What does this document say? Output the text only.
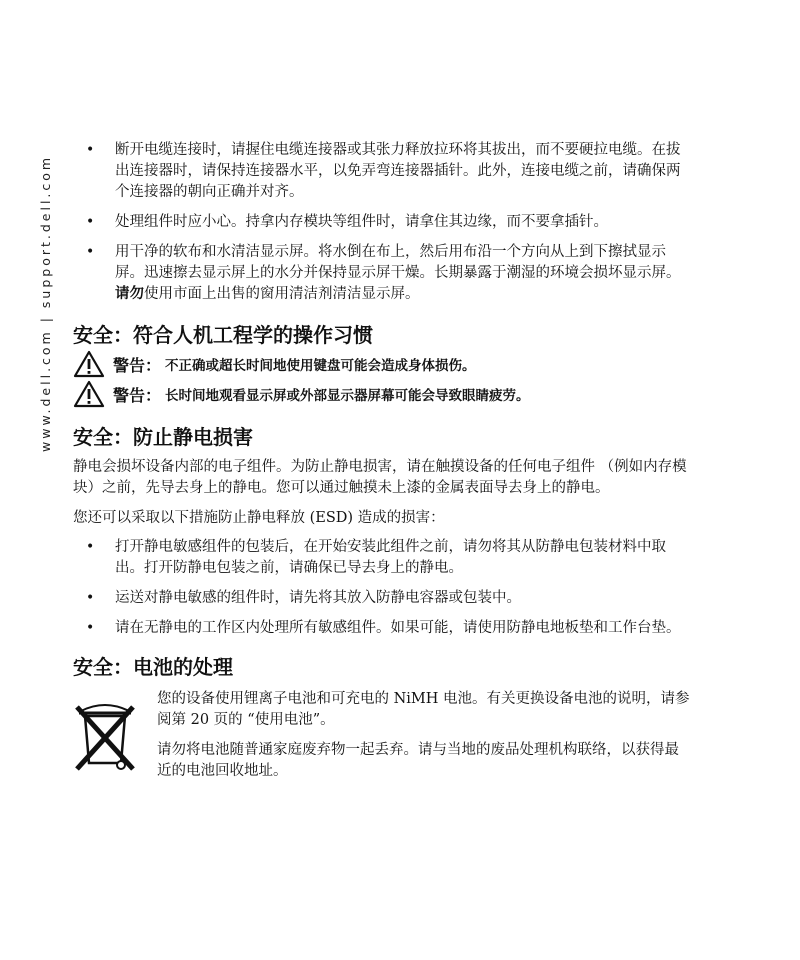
www.dell.com | support.dell.com
• 断开电缆连接时，请握住电缆连接器或其张力释放拉环将其拔出，而不要硬拉电缆。在拔出连接器时，请保持连接器水平，以免弄弯连接器插针。此外，连接电缆之前，请确保两个连接器的朝向正确并对齐。
• 处理组件时应小心。持拿内存模块等组件时，请拿住其边缘，而不要拿插针。
• 用干净的软布和水清洁显示屏。将水倒在布上，然后用布沿一个方向从上到下擦拭显示屏。迅速擦去显示屏上的水分并保持显示屏干燥。长期暴露于潮湿的环境会损坏显示屏。请勿使用市面上出售的窗用清洁剂清洁显示屏。
安全：符合人机工程学的操作习惯
警告： 不正确或超长时间地使用键盘可能会造成身体损伤。
警告： 长时间地观看显示屏或外部显示器屏幕可能会导致眼睛疲劳。
安全：防止静电损害

静电会损坏设备内部的电子组件。为防止静电损害，请在触摸设备的任何电子组件 （例如内存模块）之前，先导去身上的静电。您可以通过触摸未上漆的金属表面导去身上的静电。

您还可以采取以下措施防止静电释放 (ESD) 造成的损害：

• 打开静电敏感组件的包装后，在开始安装此组件之前，请勿将其从防静电包装材料中取出。打开防静电包装之前，请确保已导去身上的静电。
• 运送对静电敏感的组件时，请先将其放入防静电容器或包装中。
• 请在无静电的工作区内处理所有敏感组件。如果可能，请使用防静电地板垫和工作台垫。
安全：电池的处理

您的设备使用锂离子电池和可充电的 NiMH 电池。有关更换设备电池的说明，请参阅第 20 页的 “使用电池”。

请勿将电池随普通家庭废弃物一起丢弃。请与当地的废品处理机构联络，以获得最近的电池回收地址。
